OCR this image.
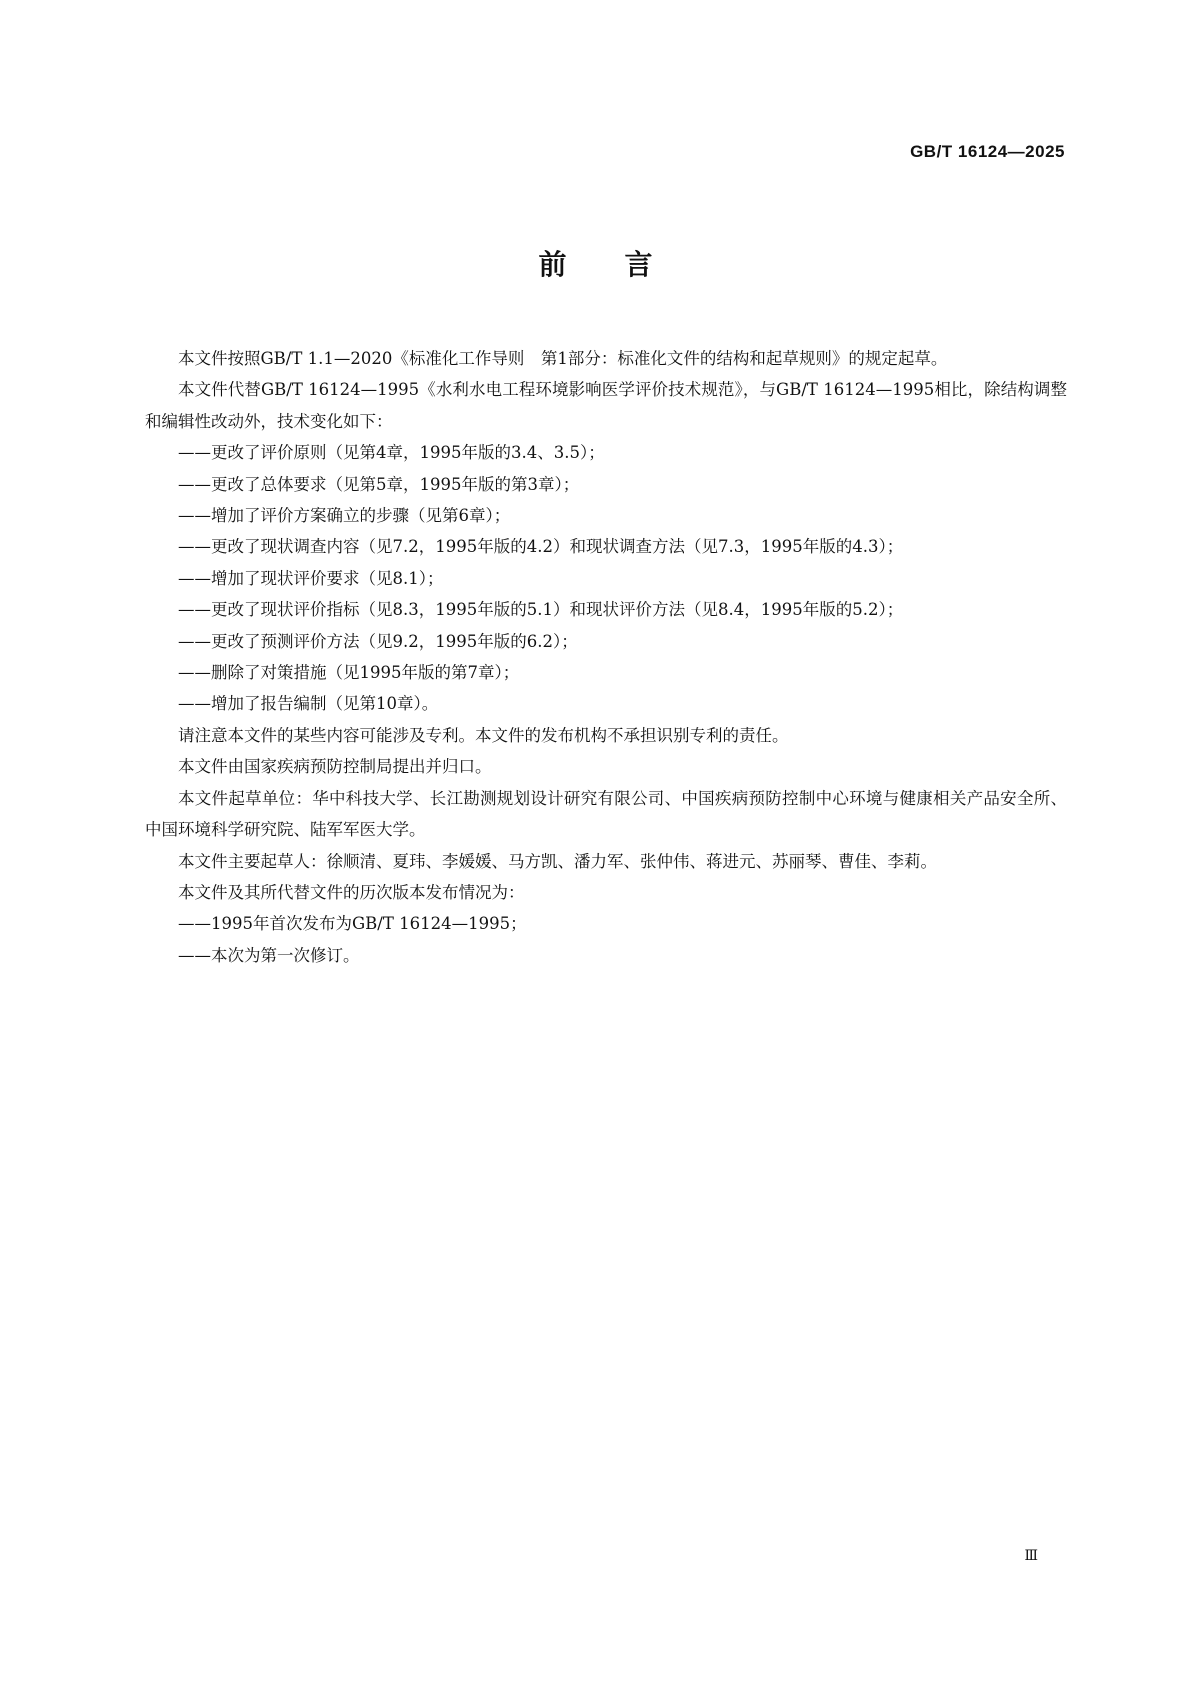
GB/T 16124—2025
前言

本文件按照GB/T 1.1—2020《标准化工作导则　第1部分：标准化文件的结构和起草规则》的规定起草。

本文件代替GB/T 16124—1995《水利水电工程环境影响医学评价技术规范》，与GB/T 16124—1995相比，除结构调整和编辑性改动外，技术变化如下：

——更改了评价原则（见第4章，1995年版的3.4、3.5）；

——更改了总体要求（见第5章，1995年版的第3章）；

——增加了评价方案确立的步骤（见第6章）；

——更改了现状调查内容（见7.2，1995年版的4.2）和现状调查方法（见7.3，1995年版的4.3）；

——增加了现状评价要求（见8.1）；

——更改了现状评价指标（见8.3，1995年版的5.1）和现状评价方法（见8.4，1995年版的5.2）；

——更改了预测评价方法（见9.2，1995年版的6.2）；

——删除了对策措施（见1995年版的第7章）；

——增加了报告编制（见第10章）。

请注意本文件的某些内容可能涉及专利。本文件的发布机构不承担识别专利的责任。

本文件由国家疾病预防控制局提出并归口。

本文件起草单位：华中科技大学、长江勘测规划设计研究有限公司、中国疾病预防控制中心环境与健康相关产品安全所、中国环境科学研究院、陆军军医大学。

本文件主要起草人：徐顺清、夏玮、李媛媛、马方凯、潘力军、张仲伟、蒋进元、苏丽琴、曹佳、李莉。

本文件及其所代替文件的历次版本发布情况为：

——1995年首次发布为GB/T 16124—1995；

——本次为第一次修订。

Ⅲ
